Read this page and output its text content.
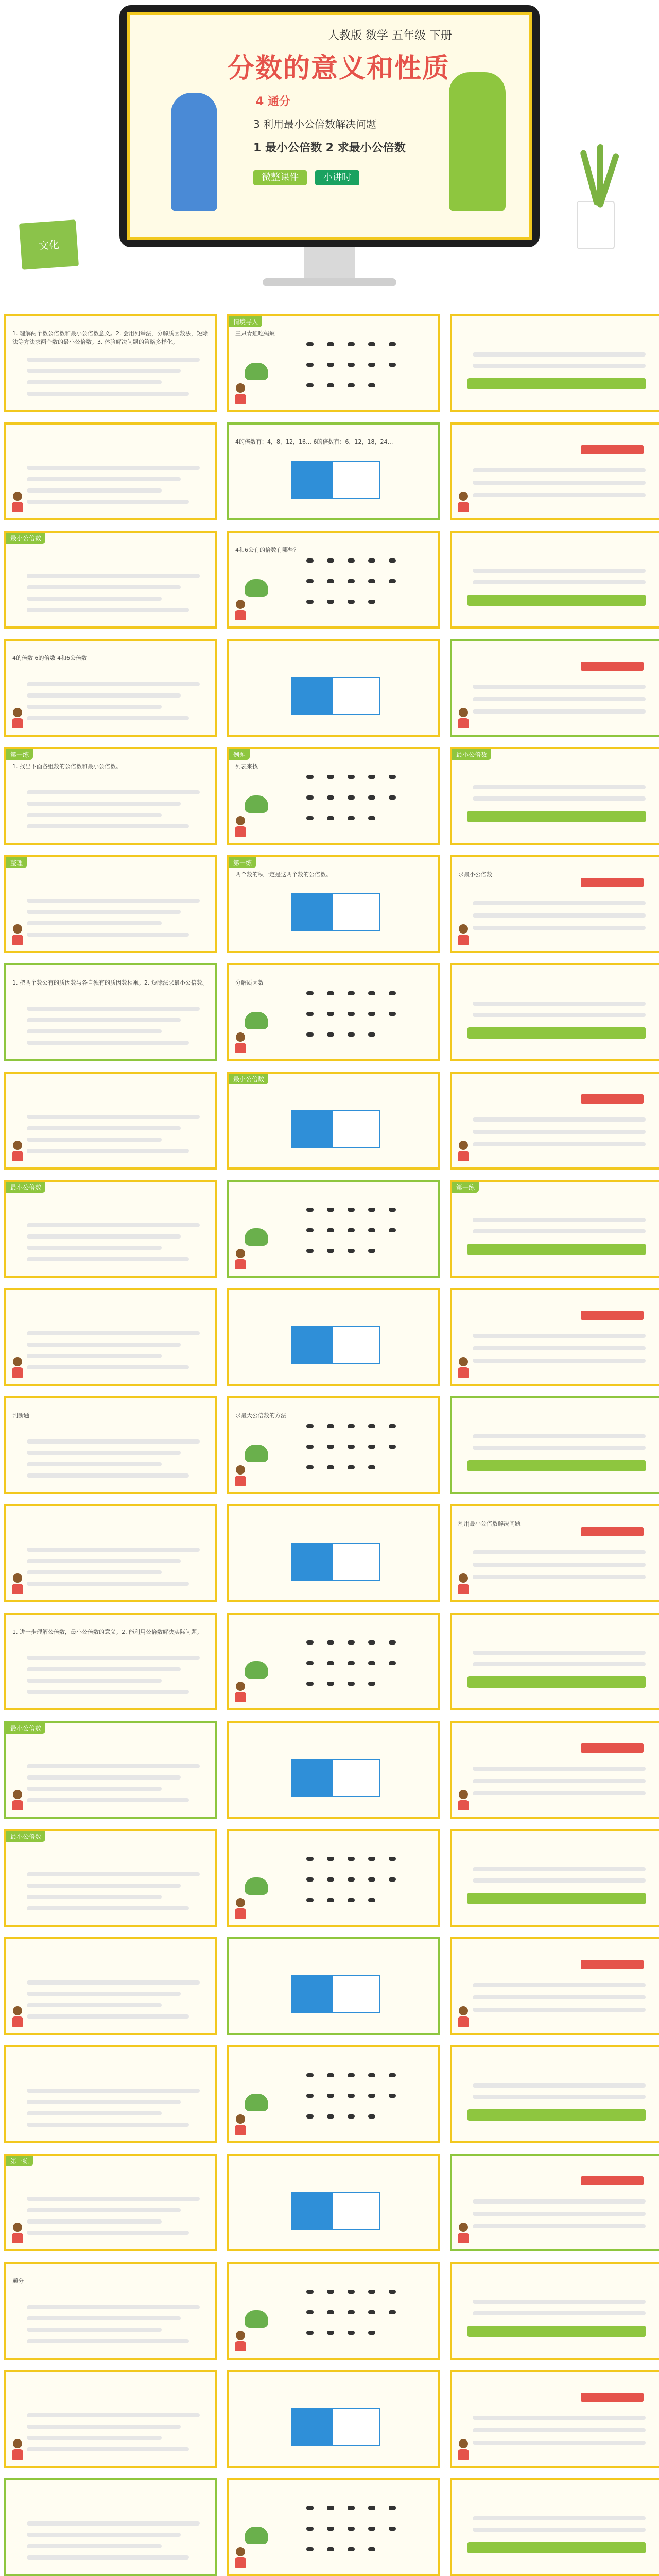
人教版 数学 五年级 下册
分数的意义和性质
4 通分
3 利用最小公倍数解决问题
1 最小公倍数 2 求最小公倍数
微整课件	小讲时
文化
1. 理解两个数公倍数和最小公倍数意义。2. 会用列举法，分解质因数法，短除法等方法求两个数的最小公倍数。3. 体验解决问题的策略多样化。
情境导入
三只青蛙吃蚂蚁
4的倍数有：4，8，12，16… 6的倍数有：6，12，18，24…
最小公倍数
4和6公有的倍数有哪些？
4的倍数 6的倍数 4和6公倍数
第一练
1. 找出下面各组数的公倍数和最小公倍数。
例题
列表来找
最小公倍数
整理	第一练
两个数的积一定是这两个数的公倍数。	求最小公倍数
1. 把两个数公有的质因数与各自独有的质因数相乘。2. 短除法求最小公倍数。	分解质因数
最小公倍数
最小公倍数	第一练
判断题	求最大公倍数的方法
利用最小公倍数解决问题
1. 进一步理解公倍数，最小公倍数的意义。2. 能利用公倍数解决实际问题。
最小公倍数
最小公倍数
第一练
通分
